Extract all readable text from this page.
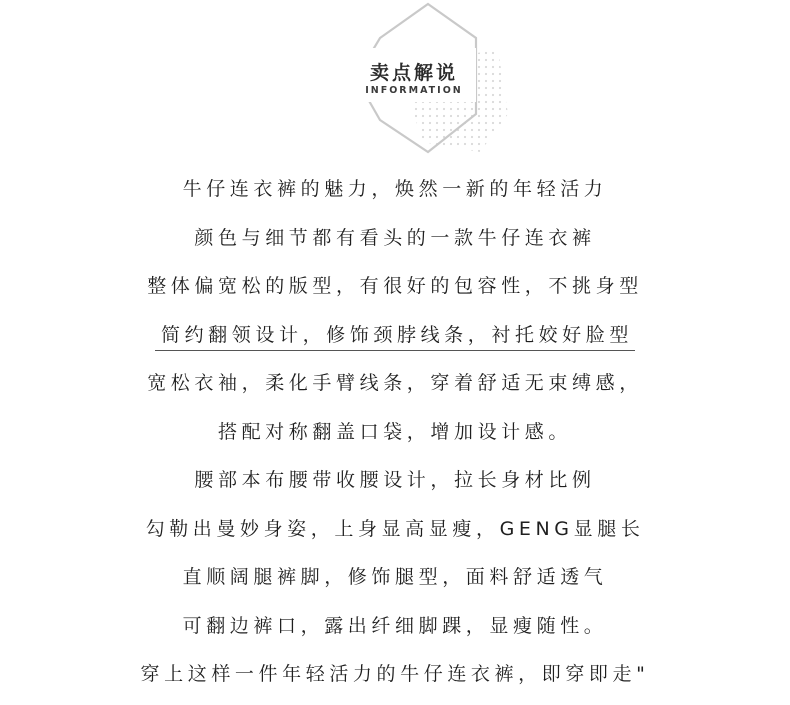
卖点解说
INFORMATION
牛仔连衣裤的魅力，焕然一新的年轻活力
颜色与细节都有看头的一款牛仔连衣裤
整体偏宽松的版型，有很好的包容性，不挑身型
简约翻领设计，修饰颈脖线条，衬托姣好脸型
宽松衣袖，柔化手臂线条，穿着舒适无束缚感，
搭配对称翻盖口袋，增加设计感。
腰部本布腰带收腰设计，拉长身材比例
勾勒出曼妙身姿，上身显高显瘦，GENG显腿长
直顺阔腿裤脚，修饰腿型，面料舒适透气
可翻边裤口，露出纤细脚踝，显瘦随性。
穿上这样一件年轻活力的牛仔连衣裤，即穿即走"
